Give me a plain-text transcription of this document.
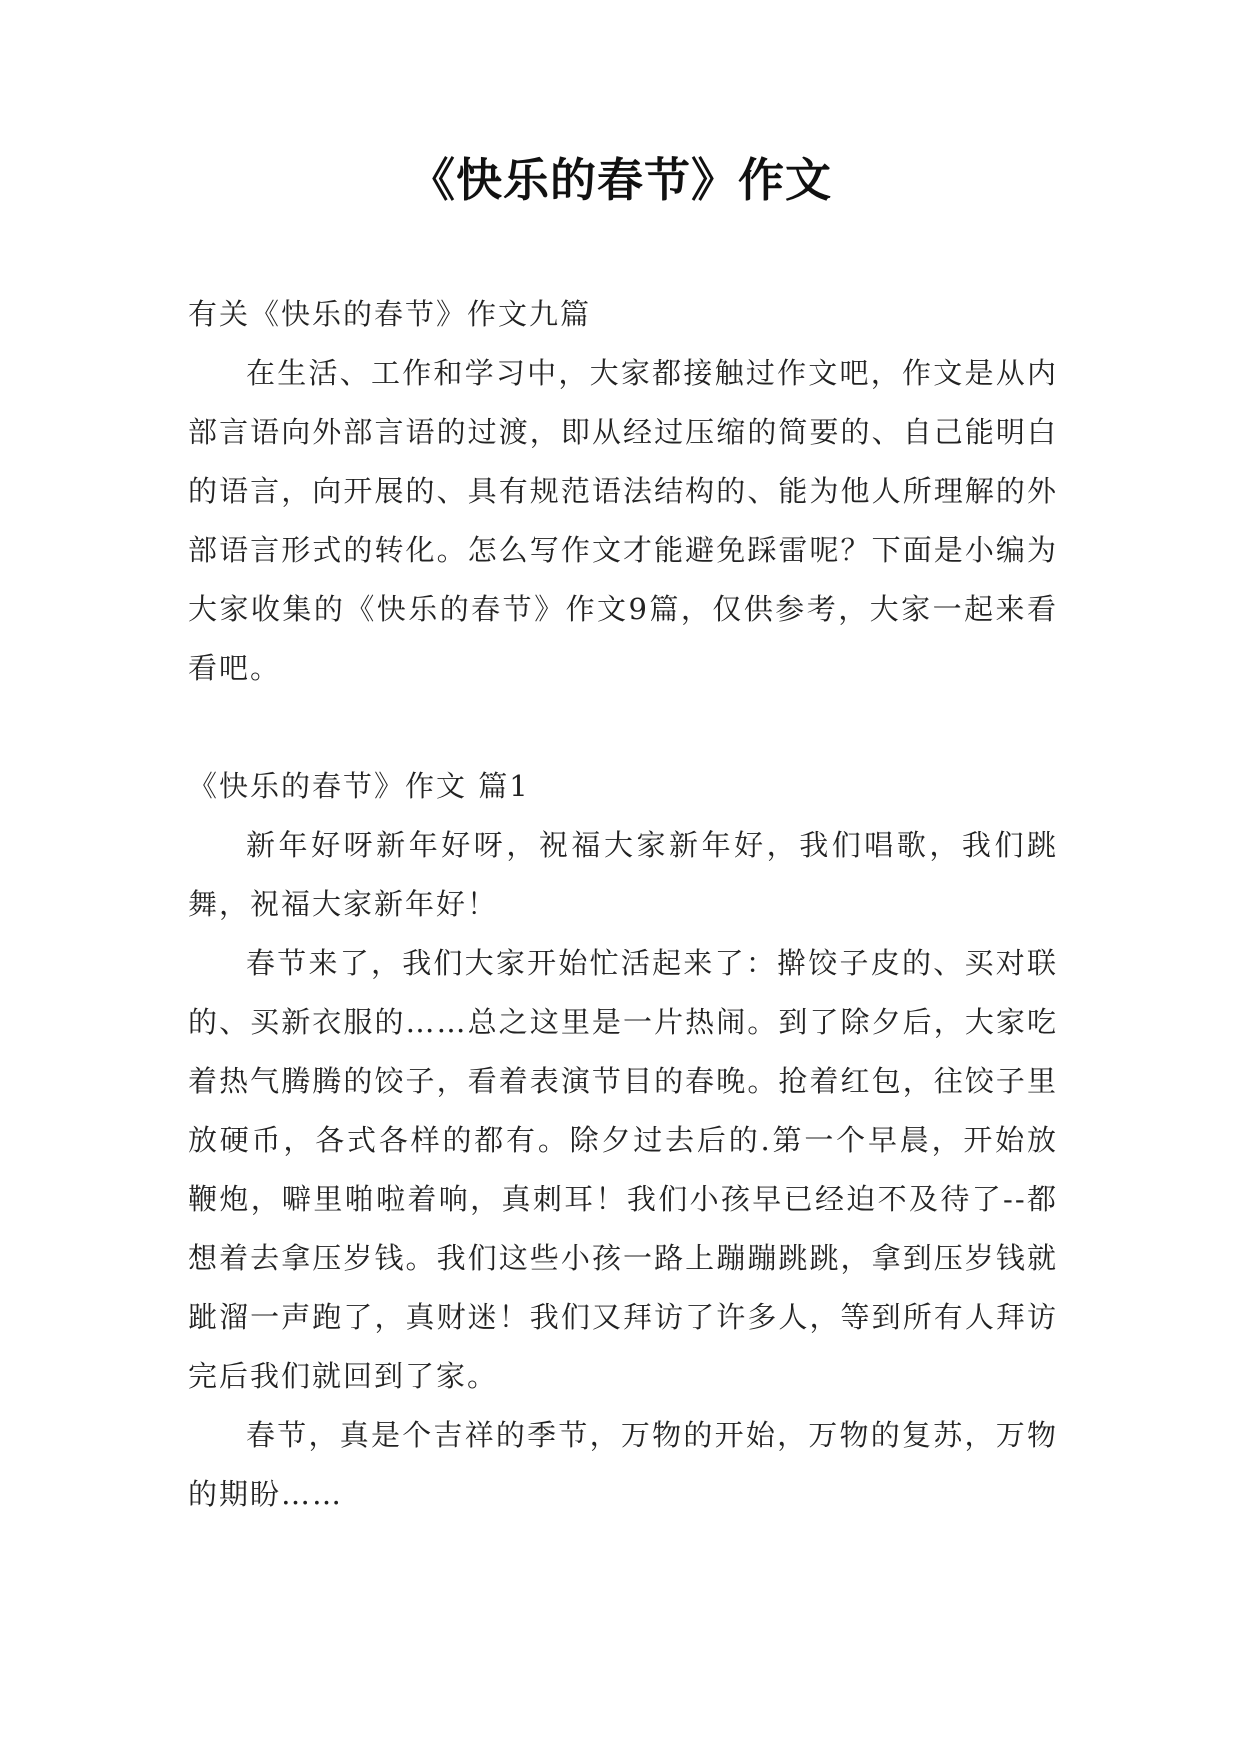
《快乐的春节》作文

有关《快乐的春节》作文九篇

在生活、工作和学习中，大家都接触过作文吧，作文是从内部言语向外部言语的过渡，即从经过压缩的简要的、自己能明白的语言，向开展的、具有规范语法结构的、能为他人所理解的外部语言形式的转化。怎么写作文才能避免踩雷呢？下面是小编为大家收集的《快乐的春节》作文9篇，仅供参考，大家一起来看看吧。

《快乐的春节》作文 篇1

新年好呀新年好呀，祝福大家新年好，我们唱歌，我们跳舞，祝福大家新年好！

春节来了，我们大家开始忙活起来了：擀饺子皮的、买对联的、买新衣服的……总之这里是一片热闹。到了除夕后，大家吃着热气腾腾的饺子，看着表演节目的春晚。抢着红包，往饺子里放硬币，各式各样的都有。除夕过去后的.第一个早晨，开始放鞭炮，噼里啪啦着响，真刺耳！我们小孩早已经迫不及待了--都想着去拿压岁钱。我们这些小孩一路上蹦蹦跳跳，拿到压岁钱就跐溜一声跑了，真财迷！我们又拜访了许多人，等到所有人拜访完后我们就回到了家。

春节，真是个吉祥的季节，万物的开始，万物的复苏，万物的期盼……
